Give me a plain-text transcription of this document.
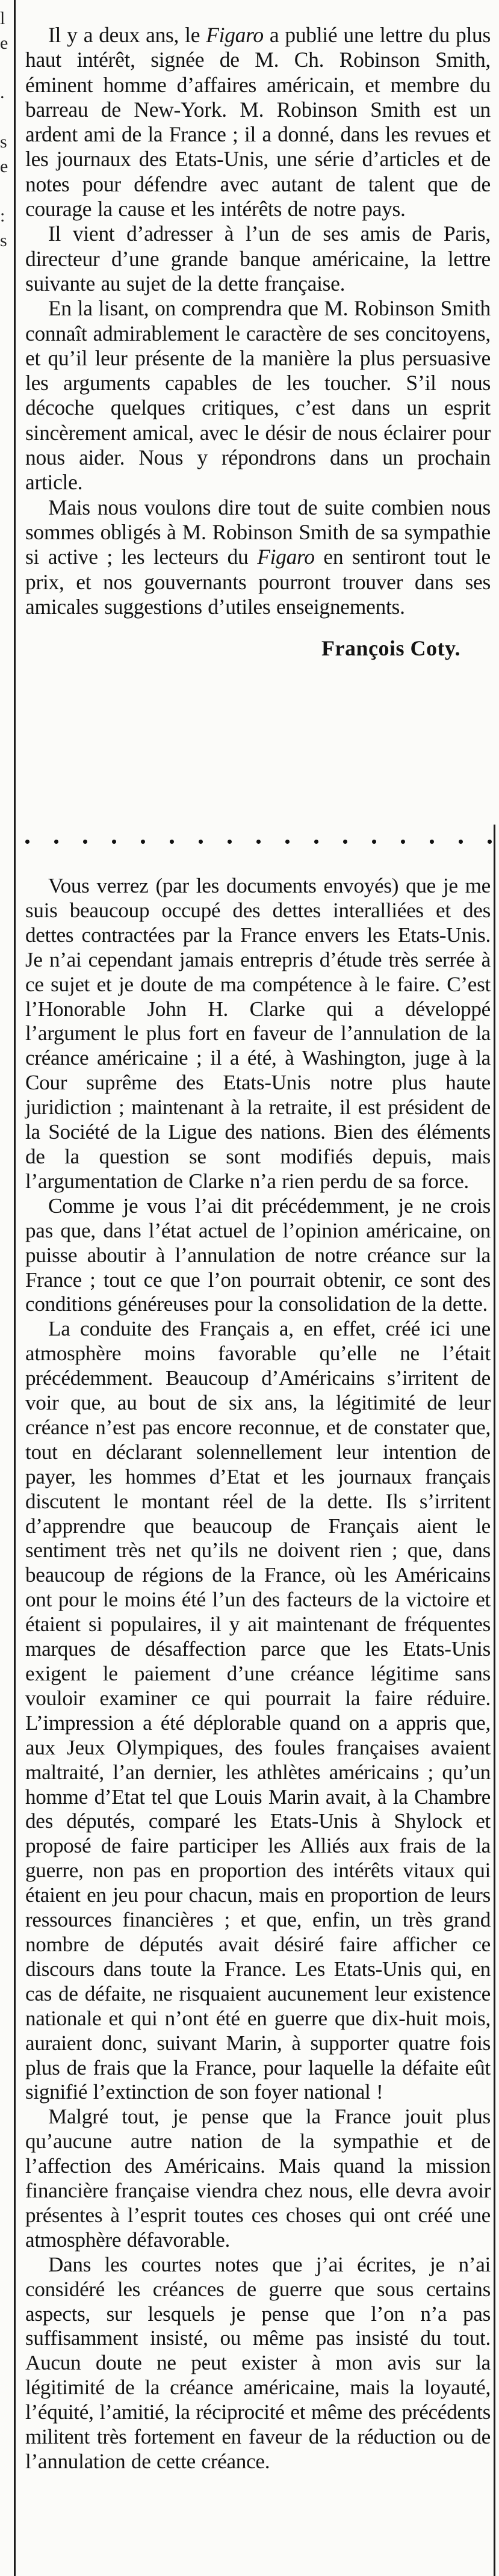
l
e

.

s
e

:
s

Il y a deux ans, le Figaro a publié une lettre du plus haut intérêt, signée de M. Ch. Robinson Smith, éminent homme d’affaires américain, et membre du barreau de New-York. M. Robinson Smith est un ardent ami de la France ; il a donné, dans les revues et les journaux des Etats-Unis, une série d’articles et de notes pour défendre avec autant de talent que de courage la cause et les intérêts de notre pays.

Il vient d’adresser à l’un de ses amis de Paris, directeur d’une grande banque américaine, la lettre suivante au sujet de la dette française.

En la lisant, on comprendra que M. Robinson Smith connaît admirablement le caractère de ses concitoyens, et qu’il leur présente de la manière la plus persuasive les arguments capables de les toucher. S’il nous décoche quelques critiques, c’est dans un esprit sincèrement amical, avec le désir de nous éclairer pour nous aider. Nous y répondrons dans un prochain article.

Mais nous voulons dire tout de suite combien nous sommes obligés à M. Robinson Smith de sa sympathie si active ; les lecteurs du Figaro en sentiront tout le prix, et nos gouvernants pourront trouver dans ses amicales suggestions d’utiles enseignements.

François Coty.

Vous verrez (par les documents envoyés) que je me suis beaucoup occupé des dettes interalliées et des dettes contractées par la France envers les Etats-Unis. Je n’ai cependant jamais entrepris d’étude très serrée à ce sujet et je doute de ma compétence à le faire. C’est l’Honorable John H. Clarke qui a développé l’argument le plus fort en faveur de l’annulation de la créance américaine ; il a été, à Washington, juge à la Cour suprême des Etats-Unis notre plus haute juridiction ; maintenant à la retraite, il est président de la Société de la Ligue des nations. Bien des éléments de la question se sont modifiés depuis, mais l’argumentation de Clarke n’a rien perdu de sa force.

Comme je vous l’ai dit précédemment, je ne crois pas que, dans l’état actuel de l’opinion américaine, on puisse aboutir à l’annulation de notre créance sur la France ; tout ce que l’on pourrait obtenir, ce sont des conditions généreuses pour la consolidation de la dette.

La conduite des Français a, en effet, créé ici une atmosphère moins favorable qu’elle ne l’était précédemment. Beaucoup d’Américains s’irritent de voir que, au bout de six ans, la légitimité de leur créance n’est pas encore reconnue, et de constater que, tout en déclarant solennellement leur intention de payer, les hommes d’Etat et les journaux français discutent le montant réel de la dette. Ils s’irritent d’apprendre que beaucoup de Français aient le sentiment très net qu’ils ne doivent rien ; que, dans beaucoup de régions de la France, où les Américains ont pour le moins été l’un des facteurs de la victoire et étaient si populaires, il y ait maintenant de fréquentes marques de désaffection parce que les Etats-Unis exigent le paiement d’une créance légitime sans vouloir examiner ce qui pourrait la faire réduire. L’impression a été déplorable quand on a appris que, aux Jeux Olympiques, des foules françaises avaient maltraité, l’an dernier, les athlètes américains ; qu’un homme d’Etat tel que Louis Marin avait, à la Chambre des députés, comparé les Etats-Unis à Shylock et proposé de faire participer les Alliés aux frais de la guerre, non pas en proportion des intérêts vitaux qui étaient en jeu pour chacun, mais en proportion de leurs ressources financières ; et que, enfin, un très grand nombre de députés avait désiré faire afficher ce discours dans toute la France. Les Etats-Unis qui, en cas de défaite, ne risquaient aucunement leur existence nationale et qui n’ont été en guerre que dix-huit mois, auraient donc, suivant Marin, à supporter quatre fois plus de frais que la France, pour laquelle la défaite eût signifié l’extinction de son foyer national !

Malgré tout, je pense que la France jouit plus qu’aucune autre nation de la sympathie et de l’affection des Américains. Mais quand la mission financière française viendra chez nous, elle devra avoir présentes à l’esprit toutes ces choses qui ont créé une atmosphère défavorable.

Dans les courtes notes que j’ai écrites, je n’ai considéré les créances de guerre que sous certains aspects, sur lesquels je pense que l’on n’a pas suffisamment insisté, ou même pas insisté du tout. Aucun doute ne peut exister à mon avis sur la légitimité de la créance américaine, mais la loyauté, l’équité, l’amitié, la réciprocité et même des précédents militent très fortement en faveur de la réduction ou de l’annulation de cette créance.
